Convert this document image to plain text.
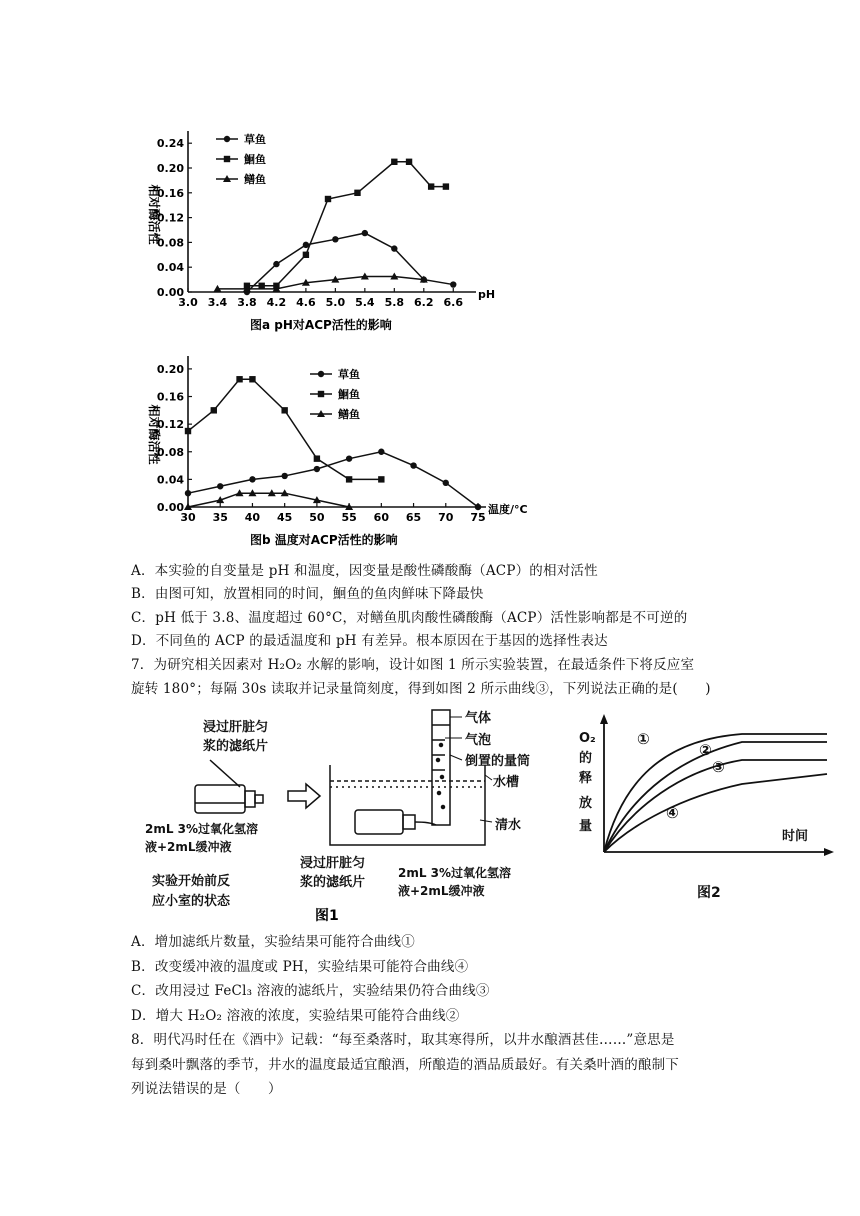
0.00
0.04
0.08
0.12
0.16
0.20
0.24
3.0 3.4 3.8 4.2 4.6 5.0 5.4 5.8 6.2 6.6
pH
相对酶活性
草鱼
鮰鱼
鳝鱼
图a pH对ACP活性的影响
0.00
0.04
0.08
0.12
0.16
0.20
30 35 40 45 50 55 60 65 70 75
温度/°C
相对酶活性
草鱼
鮰鱼
鳝鱼
图b 温度对ACP活性的影响
A．本实验的自变量是 pH 和温度，因变量是酸性磷酸酶（ACP）的相对活性
B．由图可知，放置相同的时间，鮰鱼的鱼肉鲜味下降最快
C．pH 低于 3.8、温度超过 60°C，对鳝鱼肌肉酸性磷酸酶（ACP）活性影响都是不可逆的
D．不同鱼的 ACP 的最适温度和 pH 有差异。根本原因在于基因的选择性表达
7．为研究相关因素对 H₂O₂ 水解的影响，设计如图 1 所示实验装置，在最适条件下将反应室
旋转 180°；每隔 30s 读取并记录量筒刻度，得到如图 2 所示曲线③，下列说法正确的是(　　)
浸过肝脏匀
浆的滤纸片
2mL 3%过氧化氢溶
液+2mL缓冲液
实验开始前反
应小室的状态
气体
气泡
倒置的量筒
水槽
清水
浸过肝脏匀
浆的滤纸片
2mL 3%过氧化氢溶
液+2mL缓冲液
图1
O₂
的
释
放
量
时间
①
②
③
④
图2
A．增加滤纸片数量，实验结果可能符合曲线①
B．改变缓冲液的温度或 PH，实验结果可能符合曲线④
C．改用浸过 FeCl₃ 溶液的滤纸片，实验结果仍符合曲线③
D．增大 H₂O₂ 溶液的浓度，实验结果可能符合曲线②
8．明代冯时任在《酒中》记载：“每至桑落时，取其寒得所，以井水酿酒甚佳……”意思是
每到桑叶飘落的季节，井水的温度最适宜酿酒，所酿造的酒品质最好。有关桑叶酒的酿制下
列说法错误的是（　　）
